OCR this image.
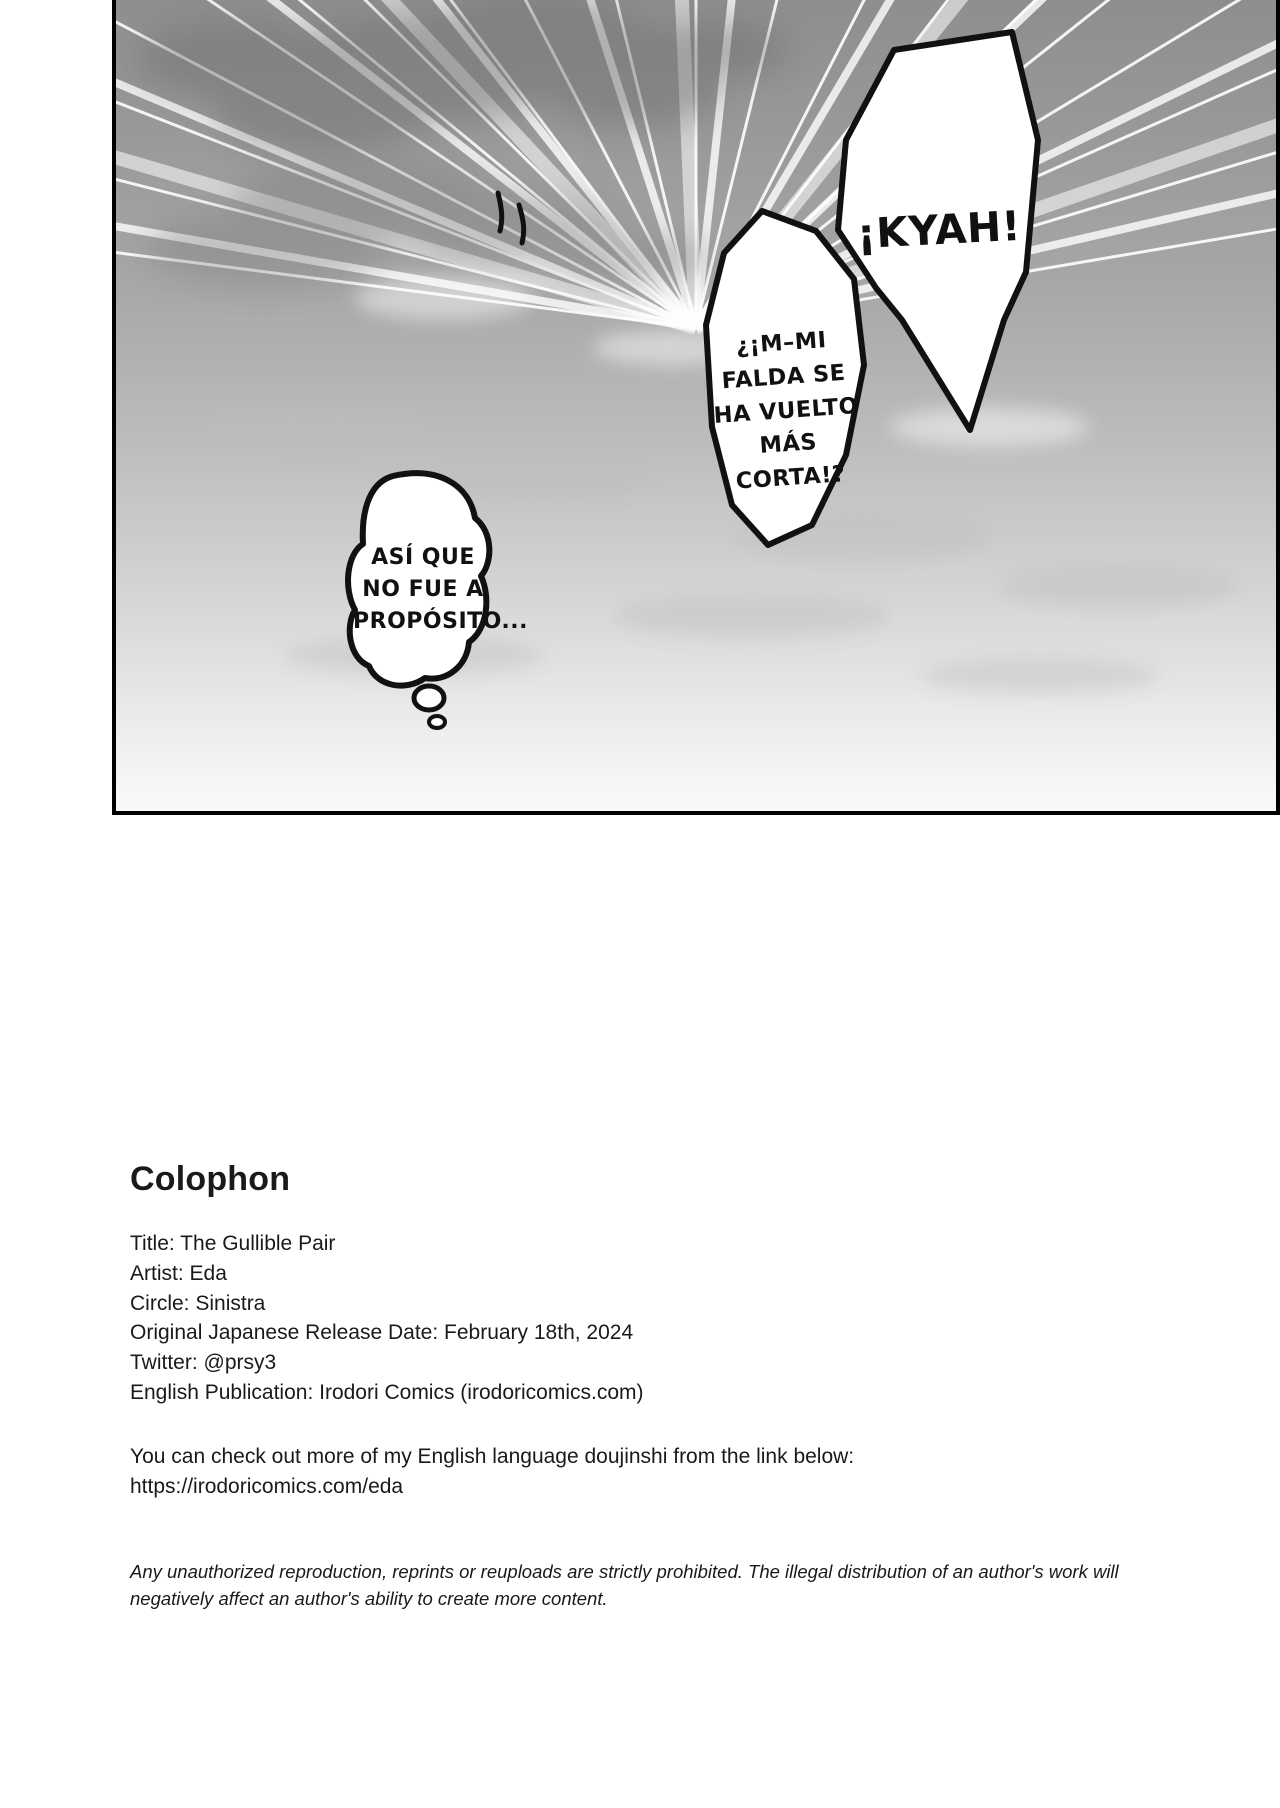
¡KYAH!
¿¡M–MI FALDA SE HA VUELTO MÁS CORTA!?
ASÍ QUE NO FUE A PROPÓSITO...
Colophon

Title: The Gullible Pair

Artist: Eda

Circle: Sinistra

Original Japanese Release Date: February 18th, 2024

Twitter: @prsy3

English Publication: Irodori Comics (irodoricomics.com)

You can check out more of my English language doujinshi from the link below:

https://irodoricomics.com/eda

Any unauthorized reproduction, reprints or reuploads are strictly prohibited. The illegal distribution of an author's work will negatively affect an author's ability to create more content.
